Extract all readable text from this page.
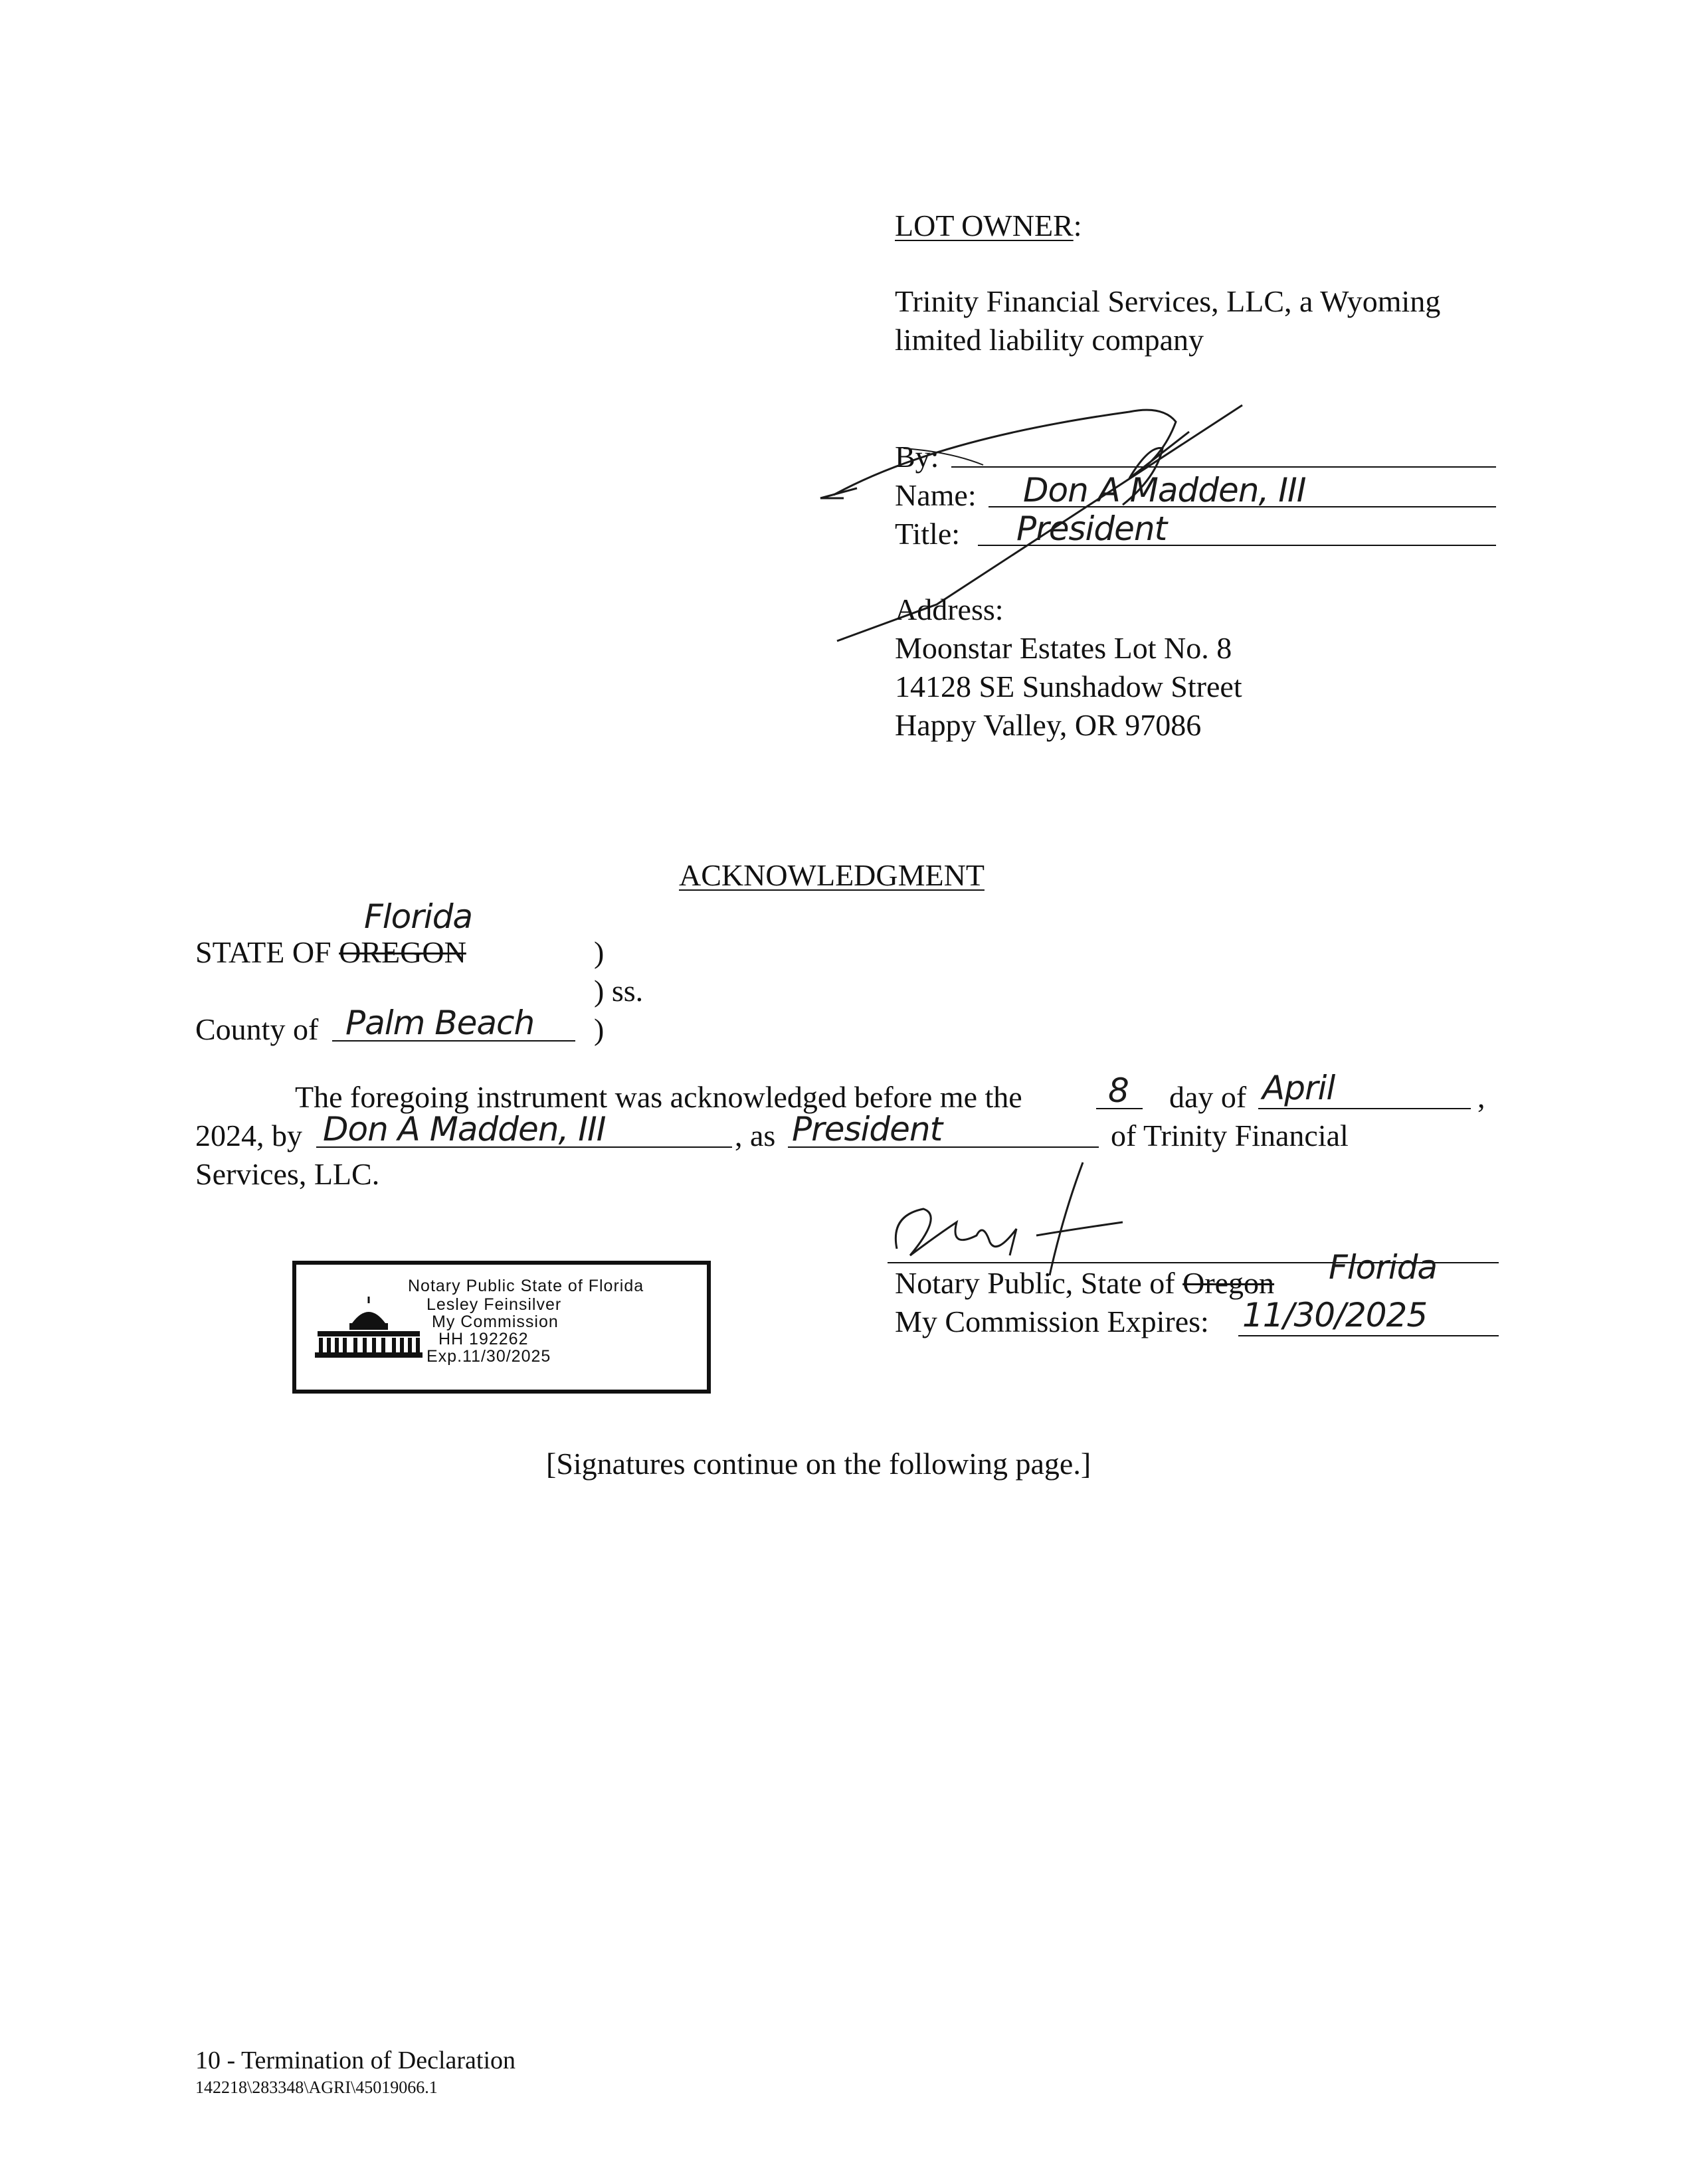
LOT OWNER:
Trinity Financial Services, LLC, a Wyoming
limited liability company
By:
Name: Don A Madden, III
Title: President
Address:
Moonstar Estates Lot No. 8
14128 SE Sunshadow Street
Happy Valley, OR 97086
ACKNOWLEDGMENT
Florida
STATE OF OREGON	)
) ss.
County of Palm Beach )
The foregoing instrument was acknowledged before me the	8 day of April	,
2024, by Don A Madden, III	, as President	of Trinity Financial
Services, LLC.
Notary Public, State of Oregon Florida
My Commission Expires: 11/30/2025
Notary Public State of Florida
Lesley Feinsilver
My Commission
HH 192262
Exp.11/30/2025
[Signatures continue on the following page.]
10 - Termination of Declaration
142218\283348\AGRI\45019066.1
